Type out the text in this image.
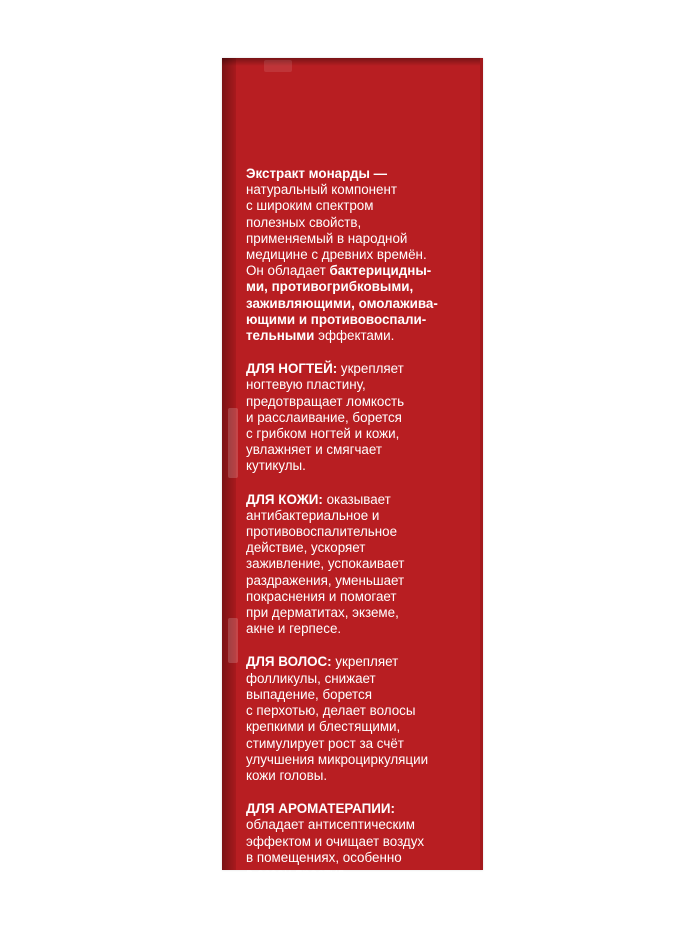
Экстракт монарды —
натуральный компонент
с широким спектром
полезных свойств,
применяемый в народной
медицине с древних времён.
Он обладает бактерицидны-
ми, противогрибковыми,
заживляющими, омолажива-
ющими и противовоспали-
тельными эффектами.
ДЛЯ НОГТЕЙ: укрепляет
ногтевую пластину,
предотвращает ломкость
и расслаивание, борется
с грибком ногтей и кожи,
увлажняет и смягчает
кутикулы.
ДЛЯ КОЖИ: оказывает
антибактериальное и
противовоспалительное
действие, ускоряет
заживление, успокаивает
раздражения, уменьшает
покраснения и помогает
при дерматитах, экземе,
акне и герпесе.
ДЛЯ ВОЛОС: укрепляет
фолликулы, снижает
выпадение, борется
с перхотью, делает волосы
крепкими и блестящими,
стимулирует рост за счёт
улучшения микроциркуляции
кожи головы.
ДЛЯ АРОМАТЕРАПИИ:
обладает антисептическим
эффектом и очищает воздух
в помещениях, особенно
в сезон простуд.
